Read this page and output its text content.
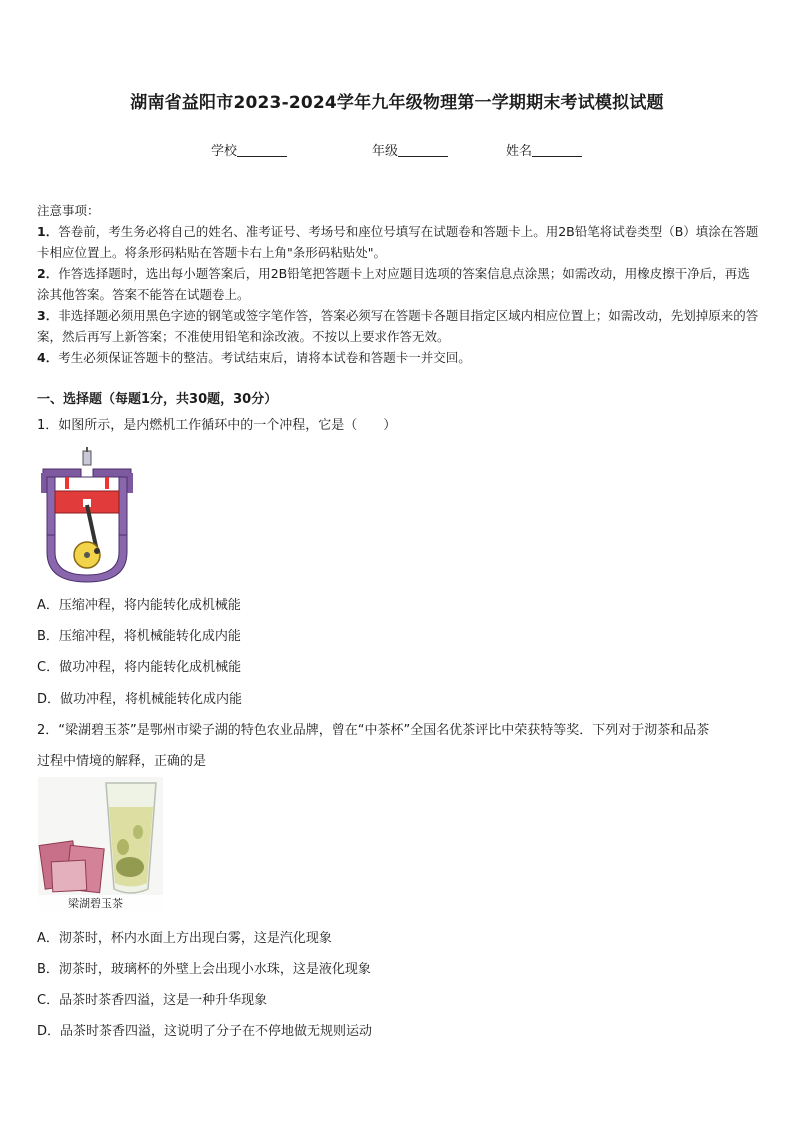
湖南省益阳市2023-2024学年九年级物理第一学期期末考试模拟试题
学校	年级	姓名

注意事项：

1．答卷前，考生务必将自己的姓名、准考证号、考场号和座位号填写在试题卷和答题卡上。用2B铅笔将试卷类型（B）填涂在答题卡相应位置上。将条形码粘贴在答题卡右上角"条形码粘贴处"。

2．作答选择题时，选出每小题答案后，用2B铅笔把答题卡上对应题目选项的答案信息点涂黑；如需改动，用橡皮擦干净后，再选涂其他答案。答案不能答在试题卷上。

3．非选择题必须用黑色字迹的钢笔或签字笔作答，答案必须写在答题卡各题目指定区域内相应位置上；如需改动，先划掉原来的答案，然后再写上新答案；不准使用铅笔和涂改液。不按以上要求作答无效。

4．考生必须保证答题卡的整洁。考试结束后，请将本试卷和答题卡一并交回。

一、选择题（每题1分，共30题，30分）
1．如图所示，是内燃机工作循环中的一个冲程，它是（　　）
A．压缩冲程，将内能转化成机械能
B．压缩冲程，将机械能转化成内能
C．做功冲程，将内能转化成机械能
D．做功冲程，将机械能转化成内能
2．“梁湖碧玉茶”是鄂州市梁子湖的特色农业品牌，曾在“中茶杯”全国名优茶评比中荣获特等奖．下列对于沏茶和品茶
过程中情境的解释，正确的是
梁湖碧玉茶
A．沏茶时，杯内水面上方出现白雾，这是汽化现象
B．沏茶时，玻璃杯的外壁上会出现小水珠，这是液化现象
C．品茶时茶香四溢，这是一种升华现象
D．品茶时茶香四溢，这说明了分子在不停地做无规则运动
